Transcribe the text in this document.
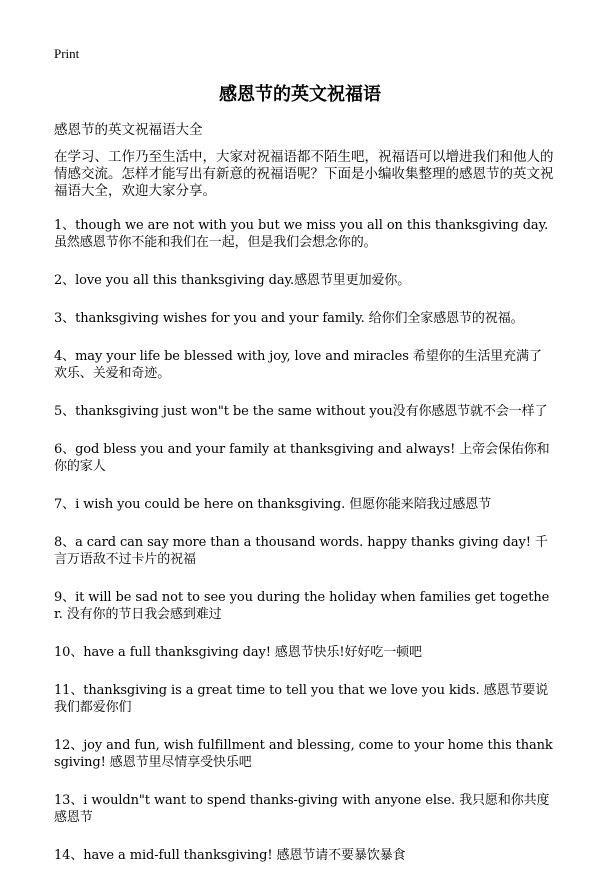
Print
感恩节的英文祝福语
感恩节的英文祝福语大全
在学习、工作乃至生活中，大家对祝福语都不陌生吧，祝福语可以增进我们和他人的情感交流。怎样才能写出有新意的祝福语呢？下面是小编收集整理的感恩节的英文祝福语大全，欢迎大家分享。
1、though we are not with you but we miss you all on this thanksgiving day.虽然感恩节你不能和我们在一起，但是我们会想念你的。
2、love you all this thanksgiving day.感恩节里更加爱你。
3、thanksgiving wishes for you and your family. 给你们全家感恩节的祝福。
4、may your life be blessed with joy, love and miracles 希望你的生活里充满了欢乐、关爱和奇迹。
5、thanksgiving just won"t be the same without you没有你感恩节就不会一样了
6、god bless you and your family at thanksgiving and always! 上帝会保佑你和你的家人
7、i wish you could be here on thanksgiving. 但愿你能来陪我过感恩节
8、a card can say more than a thousand words. happy thanks giving day! 千言万语敌不过卡片的祝福
9、it will be sad not to see you during the holiday when families get together. 没有你的节日我会感到难过
10、have a full thanksgiving day! 感恩节快乐!好好吃一顿吧
11、thanksgiving is a great time to tell you that we love you kids. 感恩节要说我们都爱你们
12、joy and fun, wish fulfillment and blessing, come to your home this thanksgiving! 感恩节里尽情享受快乐吧
13、i wouldn"t want to spend thanks-giving with anyone else. 我只愿和你共度感恩节
14、have a mid-full thanksgiving! 感恩节请不要暴饮暴食
